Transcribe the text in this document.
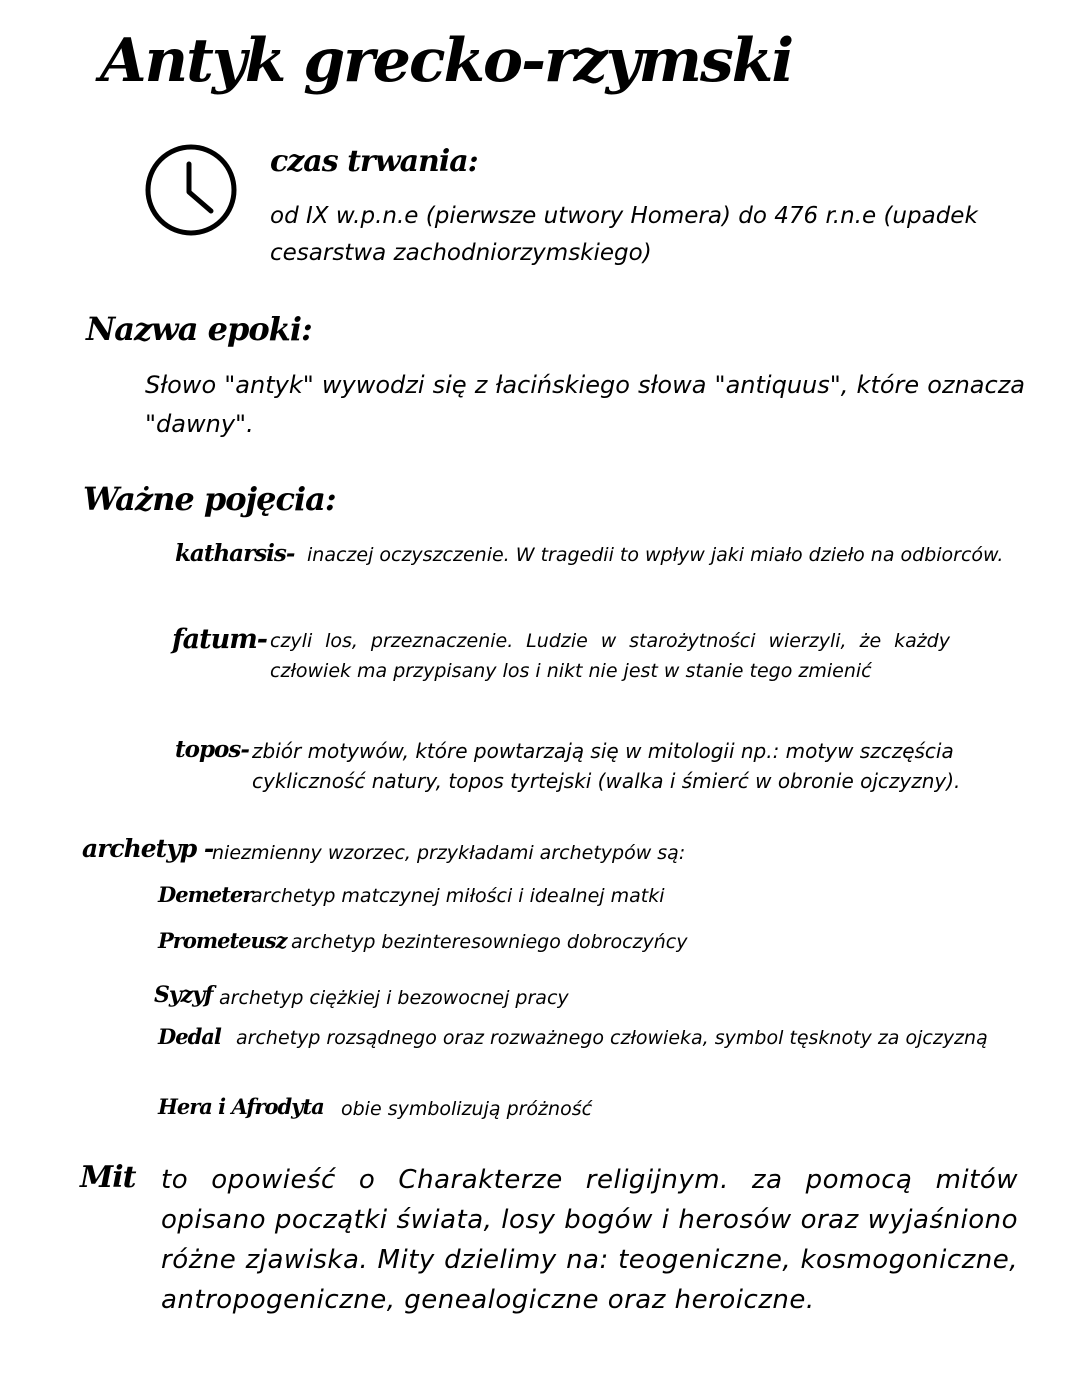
Antyk grecko-rzymski
czas trwania:
od IX w.p.n.e (pierwsze utwory Homera) do 476 r.n.e (upadek cesarstwa zachodniorzymskiego)
Nazwa epoki:
Słowo "antyk" wywodzi się z łacińskiego słowa "antiquus", które oznacza "dawny".
Ważne pojęcia:
katharsis- inaczej oczyszczenie. W tragedii to wpływ jaki miało dzieło na odbiorców.
fatum- czyli los, przeznaczenie. Ludzie w starożytności wierzyli, że każdy człowiek ma przypisany los i nikt nie jest w stanie tego zmienić
topos- zbiór motywów, które powtarzają się w mitologii np.: motyw szczęścia cykliczność natury, topos tyrtejski (walka i śmierć w obronie ojczyzny).
archetyp -
niezmienny wzorzec, przykładami archetypów są:
Demeter
archetyp matczynej miłości i idealnej matki
Prometeusz archetyp bezinteresowniego dobroczyńcy
Syzyf archetyp ciężkiej i bezowocnej pracy
Dedal archetyp rozsądnego oraz rozważnego człowieka, symbol tęsknoty za ojczyzną
Hera i Afrodyta obie symbolizują próżność
Mit to opowieść o Charakterze religijnym. za pomocą mitów opisano początki świata, losy bogów i herosów oraz wyjaśniono różne zjawiska. Mity dzielimy na: teogeniczne, kosmogoniczne, antropogeniczne, genealogiczne oraz heroiczne.
